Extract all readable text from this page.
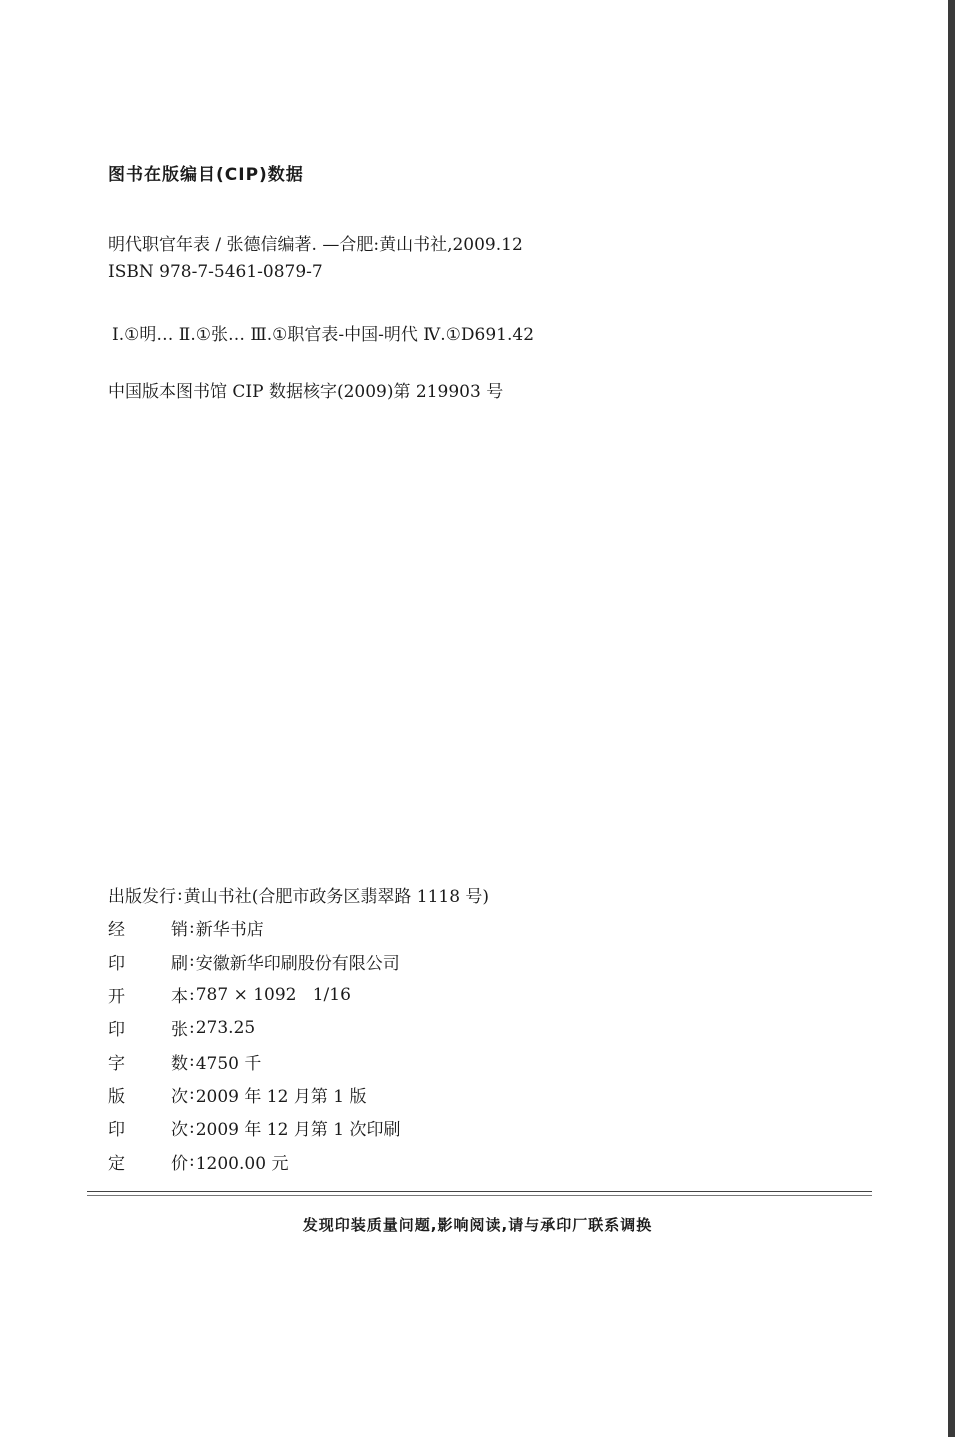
图书在版编目(CIP)数据
明代职官年表 / 张德信编著. —合肥:黄山书社,2009.12
ISBN 978-7-5461-0879-7
Ⅰ.①明… Ⅱ.①张… Ⅲ.①职官表-中国-明代 Ⅳ.①D691.42
中国版本图书馆 CIP 数据核字(2009)第 219903 号
出版发行 : 黄山书社(合肥市政务区翡翠路 1118 号)
经	销 : 新华书店
印	刷 : 安徽新华印刷股份有限公司
开	本 : 787 × 1092   1/16
印	张 : 273.25
字	数 : 4750 千
版	次 : 2009 年 12 月第 1 版
印	次 : 2009 年 12 月第 1 次印刷
定	价 : 1200.00 元
发现印装质量问题,影响阅读,请与承印厂联系调换
